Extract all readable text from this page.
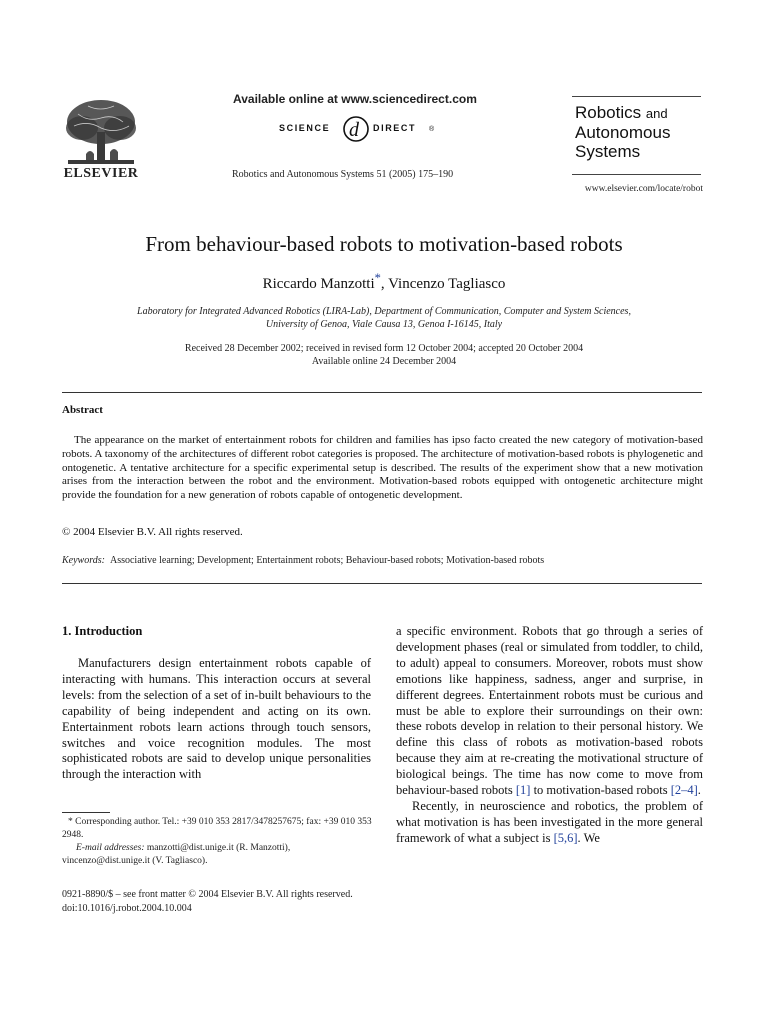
ELSEVIER
Available online at www.sciencedirect.com
SCIENCE d DIRECT ®
Robotics and Autonomous Systems 51 (2005) 175–190
Robotics and
Autonomous
Systems
www.elsevier.com/locate/robot
From behaviour-based robots to motivation-based robots
Riccardo Manzotti*, Vincenzo Tagliasco
Laboratory for Integrated Advanced Robotics (LIRA-Lab), Department of Communication, Computer and System Sciences,
University of Genoa, Viale Causa 13, Genoa I-16145, Italy
Received 28 December 2002; received in revised form 12 October 2004; accepted 20 October 2004
Available online 24 December 2004
Abstract

The appearance on the market of entertainment robots for children and families has ipso facto created the new category of motivation-based robots. A taxonomy of the architectures of different robot categories is proposed. The architecture of motivation-based robots is phylogenetic and ontogenetic. A tentative architecture for a specific experimental setup is described. The results of the experiment show that a new motivation arises from the interaction between the robot and the environment. Motivation-based robots equipped with ontogenetic architecture might provide the foundation for a new generation of robots capable of ontogenetic development.

© 2004 Elsevier B.V. All rights reserved.
Keywords: Associative learning; Development; Entertainment robots; Behaviour-based robots; Motivation-based robots
1. Introduction

Manufacturers design entertainment robots capable of interacting with humans. This interaction occurs at several levels: from the selection of a set of in-built behaviours to the capability of being independent and acting on its own. Entertainment robots learn actions through touch sensors, switches and voice recognition modules. The most sophisticated robots are said to develop unique personalities through the interaction with

a specific environment. Robots that go through a series of development phases (real or simulated from toddler, to child, to adult) appeal to consumers. Moreover, robots must show emotions like happiness, sadness, anger and surprise, in different degrees. Entertainment robots must be curious and must be able to explore their surroundings on their own: these robots develop in relation to their personal history. We define this class of robots as motivation-based robots because they aim at re-creating the motivational structure of biological beings. The time has now come to move from behaviour-based robots [1] to motivation-based robots [2–4].

Recently, in neuroscience and robotics, the problem of what motivation is has been investigated in the more general framework of what a subject is [5,6]. We

* Corresponding author. Tel.: +39 010 353 2817/3478257675; fax: +39 010 353 2948.
E-mail addresses: manzotti@dist.unige.it (R. Manzotti), vincenzo@dist.unige.it (V. Tagliasco).
0921-8890/$ – see front matter © 2004 Elsevier B.V. All rights reserved.
doi:10.1016/j.robot.2004.10.004
